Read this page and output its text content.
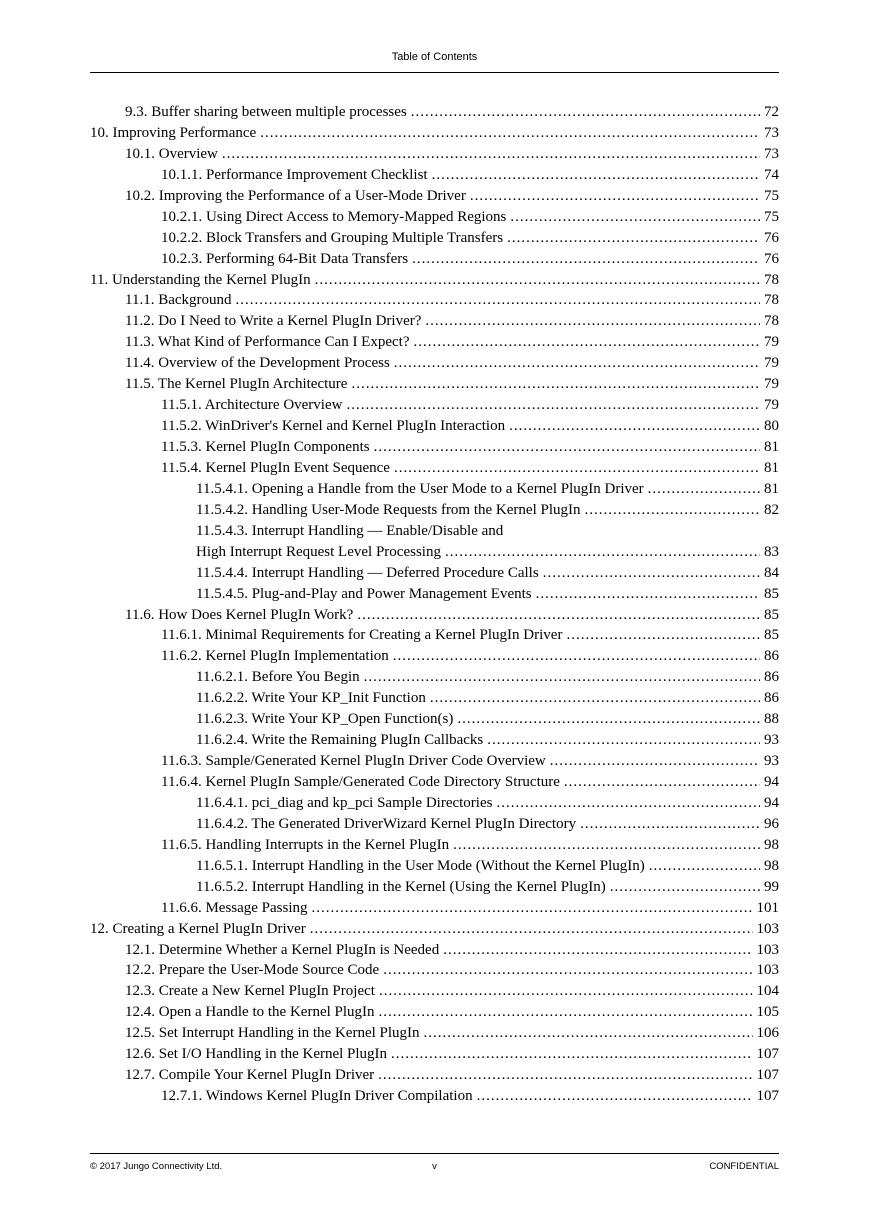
Table of Contents
9.3. Buffer sharing between multiple processes .....	72
10. Improving Performance .....	73
10.1. Overview .....	73
10.1.1. Performance Improvement Checklist .....	74
10.2. Improving the Performance of a User-Mode Driver .....	75
10.2.1. Using Direct Access to Memory-Mapped Regions .....	75
10.2.2. Block Transfers and Grouping Multiple Transfers .....	76
10.2.3. Performing 64-Bit Data Transfers .....	76
11. Understanding the Kernel PlugIn .....	78
11.1. Background .....	78
11.2. Do I Need to Write a Kernel PlugIn Driver? .....	78
11.3. What Kind of Performance Can I Expect? .....	79
11.4. Overview of the Development Process .....	79
11.5. The Kernel PlugIn Architecture .....	79
11.5.1. Architecture Overview .....	79
11.5.2. WinDriver's Kernel and Kernel PlugIn Interaction .....	80
11.5.3. Kernel PlugIn Components .....	81
11.5.4. Kernel PlugIn Event Sequence .....	81
11.5.4.1. Opening a Handle from the User Mode to a Kernel PlugIn Driver .....	81
11.5.4.2. Handling User-Mode Requests from the Kernel PlugIn .....	82
11.5.4.3. Interrupt Handling — Enable/Disable and
High Interrupt Request Level Processing .....	83
11.5.4.4. Interrupt Handling — Deferred Procedure Calls .....	84
11.5.4.5. Plug-and-Play and Power Management Events .....	85
11.6. How Does Kernel PlugIn Work? .....	85
11.6.1. Minimal Requirements for Creating a Kernel PlugIn Driver .....	85
11.6.2. Kernel PlugIn Implementation .....	86
11.6.2.1. Before You Begin .....	86
11.6.2.2. Write Your KP_Init Function .....	86
11.6.2.3. Write Your KP_Open Function(s) .....	88
11.6.2.4. Write the Remaining PlugIn Callbacks .....	93
11.6.3. Sample/Generated Kernel PlugIn Driver Code Overview .....	93
11.6.4. Kernel PlugIn Sample/Generated Code Directory Structure .....	94
11.6.4.1. pci_diag and kp_pci Sample Directories .....	94
11.6.4.2. The Generated DriverWizard Kernel PlugIn Directory .....	96
11.6.5. Handling Interrupts in the Kernel PlugIn .....	98
11.6.5.1. Interrupt Handling in the User Mode (Without the Kernel PlugIn) .....	98
11.6.5.2. Interrupt Handling in the Kernel (Using the Kernel PlugIn) .....	99
11.6.6. Message Passing .....	101
12. Creating a Kernel PlugIn Driver .....	103
12.1. Determine Whether a Kernel PlugIn is Needed .....	103
12.2. Prepare the User-Mode Source Code .....	103
12.3. Create a New Kernel PlugIn Project .....	104
12.4. Open a Handle to the Kernel PlugIn .....	105
12.5. Set Interrupt Handling in the Kernel PlugIn .....	106
12.6. Set I/O Handling in the Kernel PlugIn .....	107
12.7. Compile Your Kernel PlugIn Driver .....	107
12.7.1. Windows Kernel PlugIn Driver Compilation .....	107
© 2017 Jungo Connectivity Ltd.	v	CONFIDENTIAL
